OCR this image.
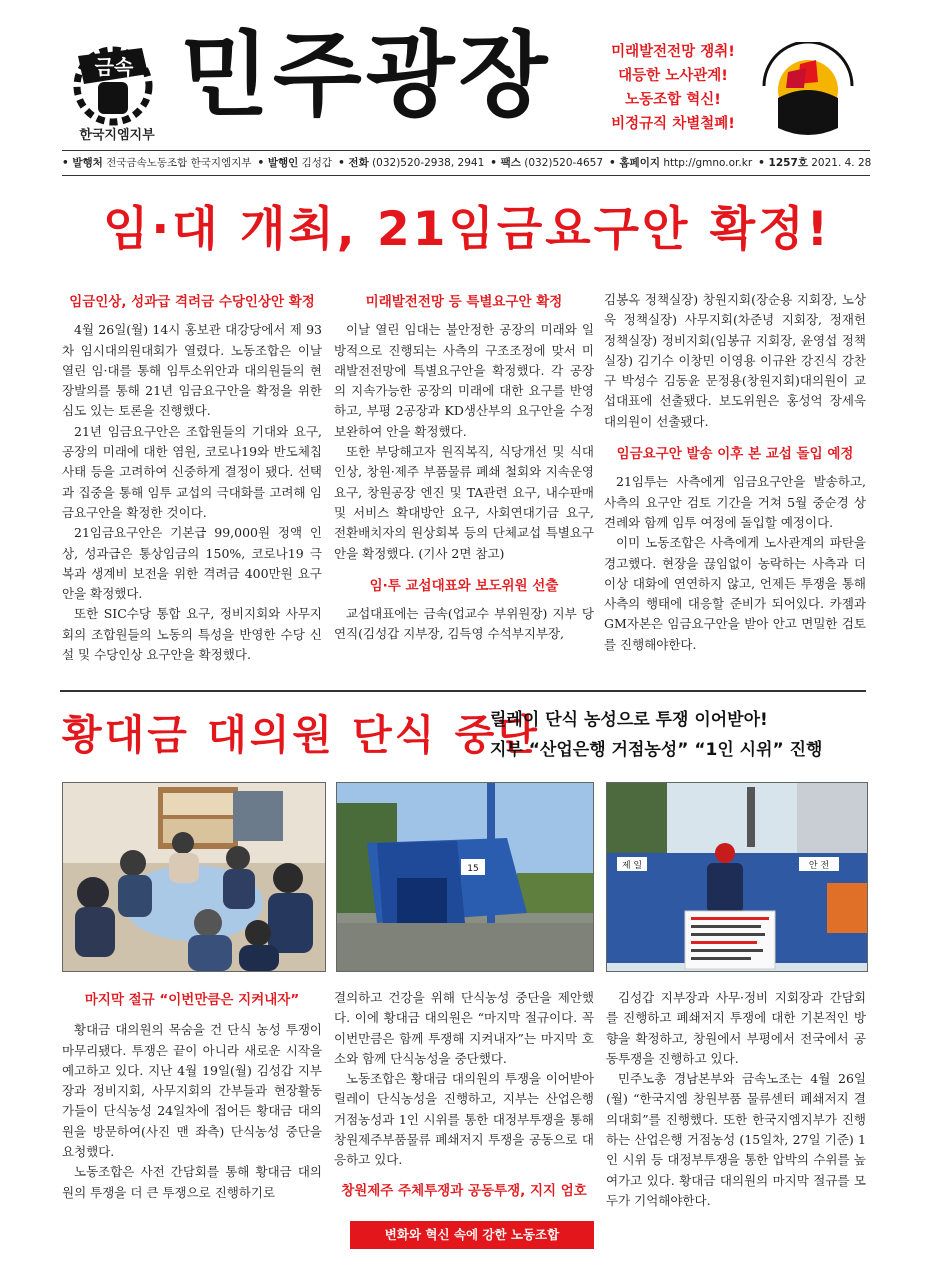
금속
한국지엠지부
민주광장	미래발전전망 쟁취!
대등한 노사관계!
노동조합 혁신!
비정규직 차별철폐!
• 발행처 전국금속노동조합 한국지엠지부 • 발행인 김성갑 • 전화 (032)520-2938, 2941 • 팩스 (032)520-4657 • 홈페이지 http://gmno.or.kr • 1257호 2021. 4. 28
임·대 개최, 21임금요구안 확정!
임금인상, 성과급 격려금 수당인상안 확정

4월 26일(월) 14시 홍보관 대강당에서 제 93차 임시대의원대회가 열렸다. 노동조합은 이날 열린 임·대를 통해 임투소위안과 대의원들의 현장발의를 통해 21년 임금요구안을 확정을 위한 심도 있는 토론을 진행했다.

21년 임금요구안은 조합원들의 기대와 요구, 공장의 미래에 대한 염원, 코로나19와 반도체칩 사태 등을 고려하여 신중하게 결정이 됐다. 선택과 집중을 통해 임투 교섭의 극대화를 고려해 임금요구안을 확정한 것이다.

21임금요구안은 기본급 99,000원 정액 인상, 성과급은 통상임금의 150%, 코로나19 극복과 생계비 보전을 위한 격려금 400만원 요구안을 확정했다.

또한 SIC수당 통합 요구, 정비지회와 사무지회의 조합원들의 노동의 특성을 반영한 수당 신설 및 수당인상 요구안을 확정했다.

미래발전전망 등 특별요구안 확정

이날 열린 임대는 불안정한 공장의 미래와 일방적으로 진행되는 사측의 구조조정에 맞서 미래발전전망에 특별요구안을 확정했다. 각 공장의 지속가능한 공장의 미래에 대한 요구를 반영하고, 부평 2공장과 KD생산부의 요구안을 수정 보완하여 안을 확정했다.

또한 부당해고자 원직복직, 식당개선 및 식대인상, 창원·제주 부품물류 폐쇄 철회와 지속운영 요구, 창원공장 엔진 및 TA관련 요구, 내수판매 및 서비스 확대방안 요구, 사회연대기금 요구, 전환배치자의 원상회복 등의 단체교섭 특별요구안을 확정했다. (기사 2면 참고)

임·투 교섭대표와 보도위원 선출

교섭대표에는 금속(업교수 부위원장) 지부 당연직(김성갑 지부장, 김득영 수석부지부장,

김봉옥 정책실장) 창원지회(장순용 지회장, 노상욱 정책실장) 사무지회(차준녕 지회장, 정재헌 정책실장) 정비지회(임봉규 지회장, 윤영섭 정책실장) 김기수 이창민 이영용 이규완 강진식 강찬구 박성수 김동윤 문정용(창원지회)대의원이 교섭대표에 선출됐다. 보도위원은 홍성억 장세욱 대의원이 선출됐다.

임금요구안 발송 이후 본 교섭 돌입 예정

21임투는 사측에게 임금요구안을 발송하고, 사측의 요구안 검토 기간을 거쳐 5월 중순경 상견례와 함께 임투 여정에 돌입할 예정이다.

이미 노동조합은 사측에게 노사관계의 파탄을 경고했다. 현장을 끊임없이 농락하는 사측과 더 이상 대화에 연연하지 않고, 언제든 투쟁을 통해 사측의 행태에 대응할 준비가 되어있다. 카젬과 GM자본은 임금요구안을 받아 안고 면밀한 검토를 진행해야한다.

황대금 대의원 단식 중단
릴레이 단식 농성으로 투쟁 이어받아!
지부 “산업은행 거점농성” “1인 시위” 진행
15	제 일	안 전
마지막 절규 “이번만큼은 지켜내자”

황대금 대의원의 목숨을 건 단식 농성 투쟁이 마무리됐다. 투쟁은 끝이 아니라 새로운 시작을 예고하고 있다. 지난 4월 19일(월) 김성갑 지부장과 정비지회, 사무지회의 간부들과 현장활동가들이 단식농성 24일차에 접어든 황대금 대의원을 방문하여(사진 맨 좌측) 단식농성 중단을 요청했다.

노동조합은 사전 간담회를 통해 황대금 대의원의 투쟁을 더 큰 투쟁으로 진행하기로

결의하고 건강을 위해 단식농성 중단을 제안했다. 이에 황대금 대의원은 “마지막 절규이다. 꼭 이번만큼은 함께 투쟁해 지켜내자”는 마지막 호소와 함께 단식농성을 중단했다.

노동조합은 황대금 대의원의 투쟁을 이어받아 릴레이 단식농성을 진행하고, 지부는 산업은행 거점농성과 1인 시위를 통한 대정부투쟁을 통해 창원제주부품물류 폐쇄저지 투쟁을 공동으로 대응하고 있다.

창원제주 주체투쟁과 공동투쟁, 지지 엄호

김성갑 지부장과 사무·정비 지회장과 간담회를 진행하고 폐쇄저지 투쟁에 대한 기본적인 방향을 확정하고, 창원에서 부평에서 전국에서 공동투쟁을 진행하고 있다.

민주노총 경남본부와 금속노조는 4월 26일(월) “한국지엠 창원부품 물류센터 폐쇄저지 결의대회”를 진행했다. 또한 한국지엠지부가 진행하는 산업은행 거점농성 (15일차, 27일 기준) 1인 시위 등 대정부투쟁을 통한 압박의 수위를 높여가고 있다. 황대금 대의원의 마지막 절규를 모두가 기억해야한다.

변화와 혁신 속에 강한 노동조합
